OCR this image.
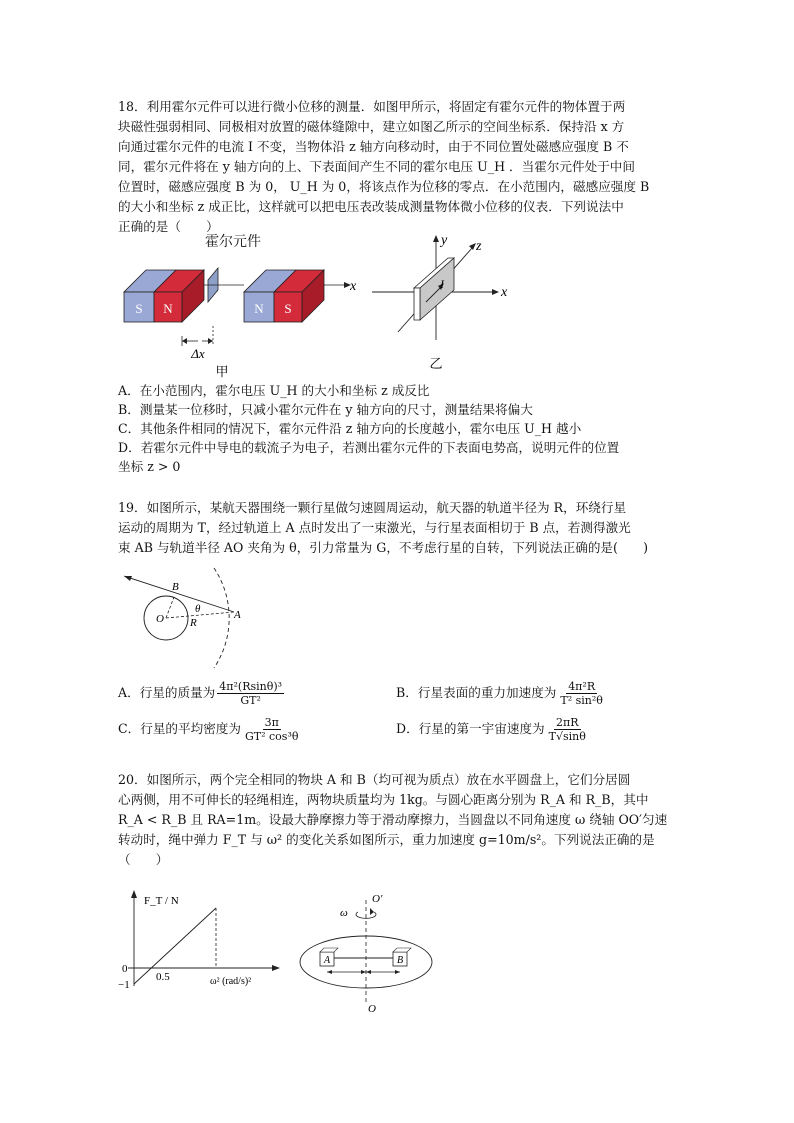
18．利用霍尔元件可以进行微小位移的测量．如图甲所示，将固定有霍尔元件的物体置于两
块磁性强弱相同、同极相对放置的磁体缝隙中，建立如图乙所示的空间坐标系．保持沿 x 方
向通过霍尔元件的电流 I 不变，当物体沿 z 轴方向移动时，由于不同位置处磁感应强度 B 不
同，霍尔元件将在 y 轴方向的上、下表面间产生不同的霍尔电压 U_H ．当霍尔元件处于中间
位置时，磁感应强度 B 为 0， U_H 为 0，将该点作为位移的零点．在小范围内，磁感应强度 B
的大小和坐标 z 成正比，这样就可以把电压表改装成测量物体微小位移的仪表．下列说法中
正确的是（　　）
S N
霍尔元件
N S
x
Δx
甲
x
y z
I
乙
A．在小范围内，霍尔电压 U_H 的大小和坐标 z 成反比
B．测量某一位移时，只减小霍尔元件在 y 轴方向的尺寸，测量结果将偏大
C．其他条件相同的情况下，霍尔元件沿 z 轴方向的长度越小，霍尔电压 U_H 越小
D．若霍尔元件中导电的载流子为电子，若测出霍尔元件的下表面电势高，说明元件的位置
坐标 z > 0
19．如图所示，某航天器围绕一颗行星做匀速圆周运动，航天器的轨道半径为 R，环绕行星
运动的周期为 T，经过轨道上 A 点时发出了一束激光，与行星表面相切于 B 点，若测得激光
束 AB 与轨道半径 AO 夹角为 θ，引力常量为 G，不考虑行星的自转，下列说法正确的是(　　)
B
O R
θ	A
A．行星的质量为 $\frac{\text{4π²(Rsinθ)³}}{\text{GT²}}$	B．行星表面的重力加速度为 $\frac{\text{4π²R}}{\text{T² sin²θ}}$
C．行星的平均密度为 $\frac{3\pi}{\text{GT² cos³θ}}$	D．行星的第一宇宙速度为 $\frac{2\pi R}{T√\sin\theta}$
20．如图所示，两个完全相同的物块 A 和 B（均可视为质点）放在水平圆盘上，它们分居圆
心两侧，用不可伸长的轻绳相连，两物块质量均为 1kg。与圆心距离分别为 R_A 和 R_B，其中
R_A < R_B 且 RA=1m。设最大静摩擦力等于滑动摩擦力，当圆盘以不同角速度 ω 绕轴 OO′匀速
转动时，绳中弹力 F_T 与 ω² 的变化关系如图所示，重力加速度 g=10m/s²。下列说法正确的是
（　　）
F_T / N
0
−1
0.5	ω² (rad/s)²
ω
O′
O
A	B
